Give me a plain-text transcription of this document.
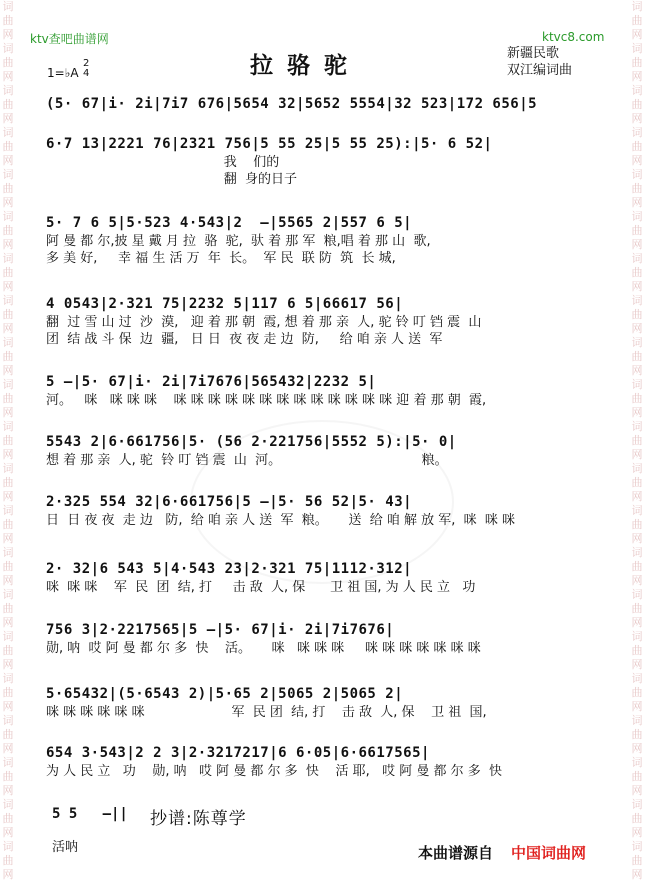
词
曲
网
词
曲
网
词
曲
网
词
曲
网
词
曲
网
词
曲
网
词
曲
网
词
曲
网
词
曲
网
词
曲
网
词
曲
网
词
曲
网
词
曲
网
词
曲
网
词
曲
网
词
曲
网
词
曲
网
词
曲
网
词
曲
网
词
曲
网
词
曲
网
词
曲
网
词
曲
网
词
曲
网
词
曲
网
词
曲
网
词
曲
网
词
曲
网
词
曲
网
词
曲
网
词
曲
网
词
曲
网
词
曲
网
词
曲
网
词
曲
网
词
曲
网
词
曲
网
词
曲
网
词
曲
网
词
曲
网
词
曲
网
词
曲
网
ktv查吧曲谱网	ktvc8.com
拉骆驼	新疆民歌
双江编词曲
1=♭A
2
4
(5· 67|i· 2i|7i7 676|5654 32|5652 5554|32 523|172 656|5
6·7 13|2221 76|2321 756|5 55 25|5 55 25):|5· 6 52|
我    们的
翻  身的日子
5· 7 6 5|5·523 4·543|2  —|5565 2|557 6 5|
阿 曼 都 尔,披 星 戴 月 拉  骆  驼,  驮 着 那 军  粮,唱 着 那 山  歌,
多 美 好,     幸 福 生 活 万  年  长。  军 民  联 防  筑  长 城,
4 0543|2·321 75|2232 5|117 6 5|66617 56|
翻  过 雪 山 过  沙  漠,   迎 着 那 朝  霞, 想 着 那 亲  人, 驼 铃 叮 铛 震  山
团  结 战 斗 保  边  疆,   日 日  夜 夜 走 边  防,     给 咱 亲 人 送  军
5 —|5· 67|i· 2i|7i7676|565432|2232 5|
河。   咪   咪 咪 咪    咪 咪 咪 咪 咪 咪 咪 咪 咪 咪 咪 咪 咪 迎 着 那 朝  霞,
5543 2|6·661756|5· (56 2·221756|5552 5):|5· 0|
想 着 那 亲  人, 驼  铃 叮 铛 震  山  河。                                  粮。
2·325 554 32|6·661756|5 —|5· 56 52|5· 43|
日  日 夜 夜  走 边   防,  给 咱 亲 人 送  军  粮。     送  给 咱 解 放 军,  咪  咪 咪
2· 32|6 543 5|4·543 23|2·321 75|1112·312|
咪  咪 咪    军  民  团  结, 打     击 敌  人, 保      卫 祖 国, 为 人 民 立   功
756 3|2·2217565|5 —|5· 67|i· 2i|7i7676|
勋, 呐  哎 阿 曼 都 尔 多  快    活。     咪   咪 咪 咪     咪 咪 咪 咪 咪 咪 咪
5·65432|(5·6543 2)|5·65 2|5065 2|5065 2|
咪 咪 咪 咪 咪 咪                     军  民 团  结, 打    击 敌  人, 保    卫 祖  国,
654 3·543|2 2 3|2·3217217|6 6·05|6·6617565|
为 人 民 立   功    勋, 呐   哎 阿 曼 都 尔 多  快    活 耶,   哎 阿 曼 都 尔 多  快
5 5   —||
活呐
抄谱:陈尊学
本曲谱源自 中国词曲网
